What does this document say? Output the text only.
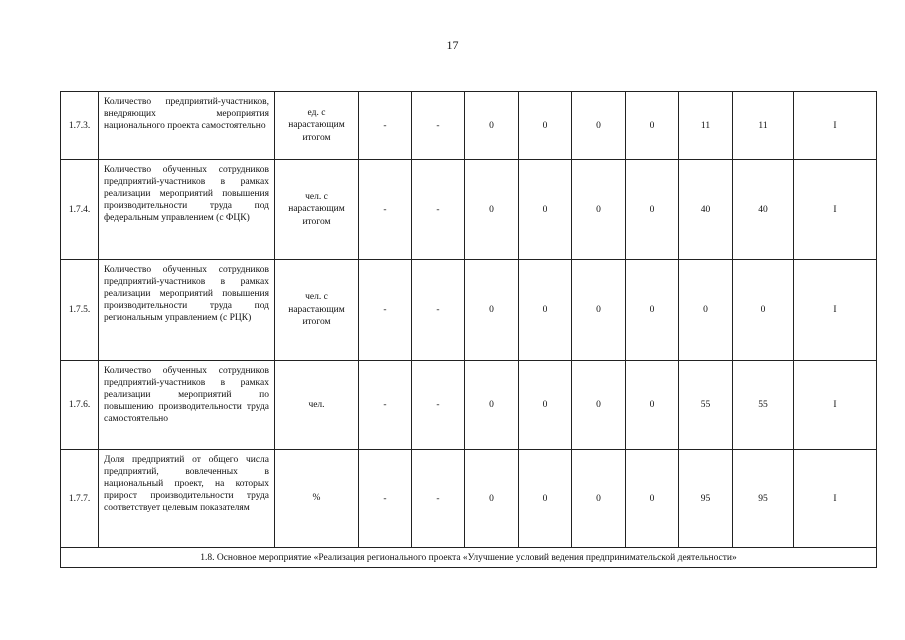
17
1.7.3.	Количество предприятий-участников, внедряющих мероприятия национального проекта самостоятельно	ед. с нарастающим итогом	-	-	0	0	0	0	11	11	I
1.7.4.	Количество обученных сотрудников предприятий-участников в рамках реализации мероприятий повышения производительности труда под федеральным управлением (с ФЦК)	чел. с нарастающим итогом	-	-	0	0	0	0	40	40	I
1.7.5.	Количество обученных сотрудников предприятий-участников в рамках реализации мероприятий повышения производительности труда под региональным управлением (с РЦК)	чел. с нарастающим итогом	-	-	0	0	0	0	0	0	I
1.7.6.	Количество обученных сотрудников предприятий-участников в рамках реализации мероприятий по повышению производительности труда самостоятельно	чел.	-	-	0	0	0	0	55	55	I
1.7.7.	Доля предприятий от общего числа предприятий, вовлеченных в национальный проект, на которых прирост производительности труда соответствует целевым показателям	%	-	-	0	0	0	0	95	95	I
1.8. Основное мероприятие «Реализация регионального проекта «Улучшение условий ведения предпринимательской деятельности»											
